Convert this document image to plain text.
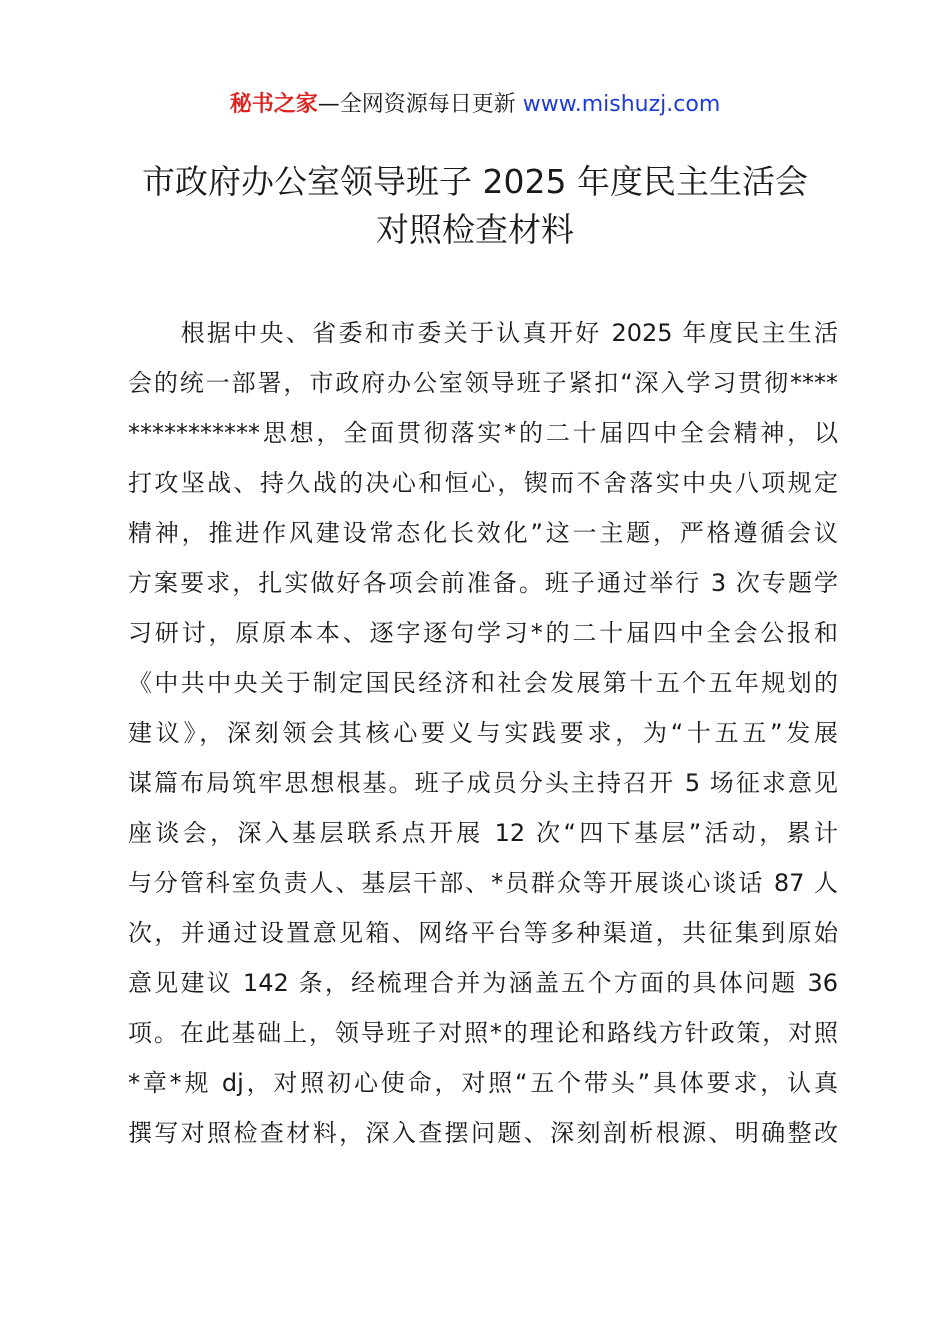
秘书之家—全网资源每日更新 www.mishuzj.com
市政府办公室领导班子 2025 年度民主生活会
对照检查材料
　　根据中央、省委和市委关于认真开好 2025 年度民主生活
会的统一部署，市政府办公室领导班子紧扣“深入学习贯彻****
***********思想，全面贯彻落实*的二十届四中全会精神，以
打攻坚战、持久战的决心和恒心，锲而不舍落实中央八项规定
精神，推进作风建设常态化长效化”这一主题，严格遵循会议
方案要求，扎实做好各项会前准备。班子通过举行 3 次专题学
习研讨，原原本本、逐字逐句学习*的二十届四中全会公报和
《中共中央关于制定国民经济和社会发展第十五个五年规划的
建议》，深刻领会其核心要义与实践要求，为“十五五”发展
谋篇布局筑牢思想根基。班子成员分头主持召开 5 场征求意见
座谈会，深入基层联系点开展 12 次“四下基层”活动，累计
与分管科室负责人、基层干部、*员群众等开展谈心谈话 87 人
次，并通过设置意见箱、网络平台等多种渠道，共征集到原始
意见建议 142 条，经梳理合并为涵盖五个方面的具体问题 36
项。在此基础上，领导班子对照*的理论和路线方针政策，对照
*章*规 dj，对照初心使命，对照“五个带头”具体要求，认真
撰写对照检查材料，深入查摆问题、深刻剖析根源、明确整改
